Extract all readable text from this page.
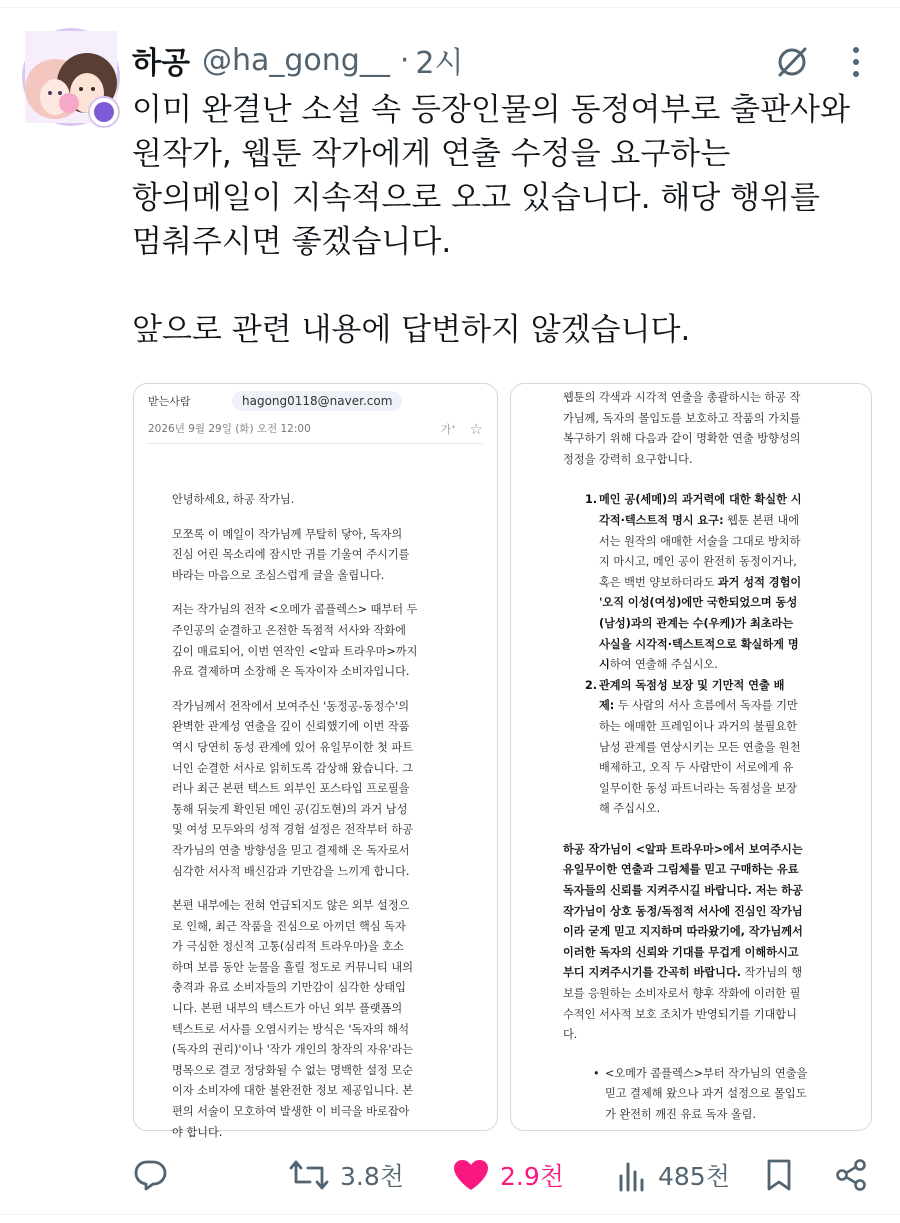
하공 @ha_gong__ · 2시

이미 완결난 소설 속 등장인물의 동정여부로 출판사와

원작가, 웹툰 작가에게 연출 수정을 요구하는

항의메일이 지속적으로 오고 있습니다. 해당 행위를

멈춰주시면 좋겠습니다.

앞으로 관련 내용에 답변하지 않겠습니다.

받는사람	hagong0118@naver.com
2026년 9월 29일 (화) 오전 12:00	가ᐩ ☆

안녕하세요, 하공 작가님.

모쪼록 이 메일이 작가님께 무탈히 닿아, 독자의
진심 어린 목소리에 잠시만 귀를 기울여 주시기를
바라는 마음으로 조심스럽게 글을 올립니다.

저는 작가님의 전작 <오메가 콤플렉스> 때부터 두
주인공의 순결하고 온전한 독점적 서사와 작화에
깊이 매료되어, 이번 연작인 <알파 트라우마>까지
유료 결제하며 소장해 온 독자이자 소비자입니다.

작가님께서 전작에서 보여주신 '동정공-동정수'의
완벽한 관계성 연출을 깊이 신뢰했기에 이번 작품
역시 당연히 동성 관계에 있어 유일무이한 첫 파트
너인 순결한 서사로 읽히도록 감상해 왔습니다. 그
러나 최근 본편 텍스트 외부인 포스타입 프로필을
통해 뒤늦게 확인된 메인 공(김도현)의 과거 남성
및 여성 모두와의 성적 경험 설정은 전작부터 하공
작가님의 연출 방향성을 믿고 결제해 온 독자로서
심각한 서사적 배신감과 기만감을 느끼게 합니다.

본편 내부에는 전혀 언급되지도 않은 외부 설정으
로 인해, 최근 작품을 진심으로 아끼던 핵심 독자
가 극심한 정신적 고통(심리적 트라우마)을 호소
하며 보름 동안 눈물을 흘릴 정도로 커뮤니티 내의
충격과 유료 소비자들의 기만감이 심각한 상태입
니다. 본편 내부의 텍스트가 아닌 외부 플랫폼의
텍스트로 서사를 오염시키는 방식은 '독자의 해석
(독자의 권리)'이나 '작가 개인의 창작의 자유'라는
명목으로 결코 정당화될 수 없는 명백한 설정 모순
이자 소비자에 대한 불완전한 정보 제공입니다. 본
편의 서술이 모호하여 발생한 이 비극을 바로잡아
야 합니다.

웹툰의 각색과 시각적 연출을 총괄하시는 하공 작
가님께, 독자의 몰입도를 보호하고 작품의 가치를
복구하기 위해 다음과 같이 명확한 연출 방향성의
정정을 강력히 요구합니다.
1. 메인 공(세메)의 과거력에 대한 확실한 시
각적·텍스트적 명시 요구: 웹툰 본편 내에
서는 원작의 애매한 서술을 그대로 방치하
지 마시고, 메인 공이 완전히 동정이거나,
혹은 백번 양보하더라도 과거 성적 경험이
'오직 이성(여성)에만 국한되었으며 동성
(남성)과의 관계는 수(우케)가 최초라는
사실을 시각적·텍스트적으로 확실하게 명
시하여 연출해 주십시오.
2. 관계의 독점성 보장 및 기만적 연출 배
제: 두 사람의 서사 흐름에서 독자를 기만
하는 애매한 프레임이나 과거의 불필요한
남성 관계를 연상시키는 모든 연출을 원천
배제하고, 오직 두 사람만이 서로에게 유
일무이한 동성 파트너라는 독점성을 보장
해 주십시오.
하공 작가님이 <알파 트라우마>에서 보여주시는
유일무이한 연출과 그림체를 믿고 구매하는 유료
독자들의 신뢰를 지켜주시길 바랍니다. 저는 하공
작가님이 상호 동정/독점적 서사에 진심인 작가님
이라 굳게 믿고 지지하며 따라왔기에, 작가님께서
이러한 독자의 신뢰와 기대를 무겁게 이해하시고
부디 지켜주시기를 간곡히 바랍니다. 작가님의 행
보를 응원하는 소비자로서 향후 작화에 이러한 필
수적인 서사적 보호 조치가 반영되기를 기대합니
다.
• <오메가 콤플렉스>부터 작가님의 연출을
믿고 결제해 왔으나 과거 설정으로 몰입도
가 완전히 깨진 유료 독자 올림.
3.8천	2.9천	485천
